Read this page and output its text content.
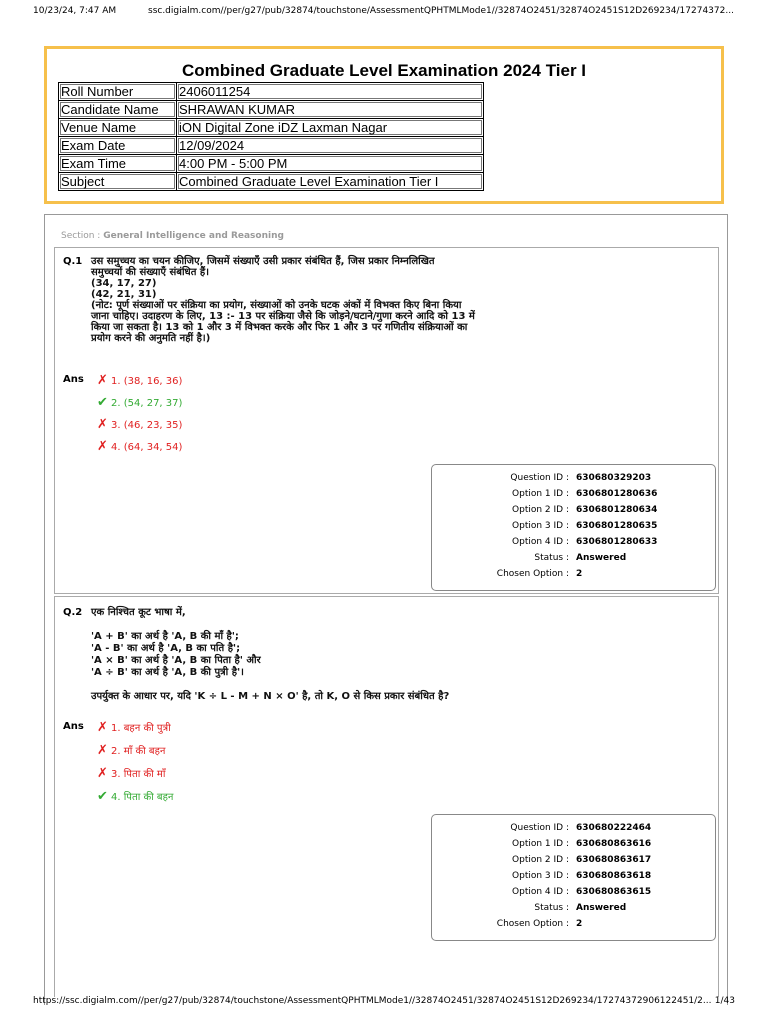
10/23/24, 7:47 AM	ssc.digialm.com//per/g27/pub/32874/touchstone/AssessmentQPHTMLMode1//32874O2451/32874O2451S12D269234/17274372...
Combined Graduate Level Examination 2024 Tier I
Roll Number	2406011254
Candidate Name	SHRAWAN KUMAR
Venue Name	iON Digital Zone iDZ Laxman Nagar
Exam Date	12/09/2024
Exam Time	4:00 PM - 5:00 PM
Subject	Combined Graduate Level Examination Tier I
Section : General Intelligence and Reasoning
Q.1 उस समुच्चय का चयन कीजिए, जिसमें संख्याएँ उसी प्रकार संबंधित हैं, जिस प्रकार निम्नलिखित
समुच्चयों की संख्याएँ संबंधित हैं।
(34, 17, 27)
(42, 21, 31)
(नोट: पूर्ण संख्याओं पर संक्रिया का प्रयोग, संख्याओं को उनके घटक अंकों में विभक्त किए बिना किया
जाना चाहिए। उदाहरण के लिए, 13 :- 13 पर संक्रिया जैसे कि जोड़ने/घटाने/गुणा करने आदि को 13 में
किया जा सकता है। 13 को 1 और 3 में विभक्त करके और फिर 1 और 3 पर गणितीय संक्रियाओं का
प्रयोग करने की अनुमति नहीं है।)
Ans ✗ 1. (38, 16, 36)
✔ 2. (54, 27, 37)
✗ 3. (46, 23, 35)
✗ 4. (64, 34, 54)
Question ID : 630680329203
Option 1 ID : 6306801280636
Option 2 ID : 6306801280634
Option 3 ID : 6306801280635
Option 4 ID : 6306801280633
Status : Answered
Chosen Option : 2
Q.2 एक निश्चित कूट भाषा में,
'A + B' का अर्थ है 'A, B की माँ है';
'A - B' का अर्थ है 'A, B का पति है';
'A × B' का अर्थ है 'A, B का पिता है' और
'A ÷ B' का अर्थ है 'A, B की पुत्री है'।
उपर्युक्त के आधार पर, यदि 'K ÷ L - M + N × O' है, तो K, O से किस प्रकार संबंधित है?
Ans ✗ 1. बहन की पुत्री
✗ 2. माँ की बहन
✗ 3. पिता की माँ
✔ 4. पिता की बहन
Question ID : 630680222464
Option 1 ID : 630680863616
Option 2 ID : 630680863617
Option 3 ID : 630680863618
Option 4 ID : 630680863615
Status : Answered
Chosen Option : 2
https://ssc.digialm.com//per/g27/pub/32874/touchstone/AssessmentQPHTMLMode1//32874O2451/32874O2451S12D269234/17274372906122451/2... 1/43
